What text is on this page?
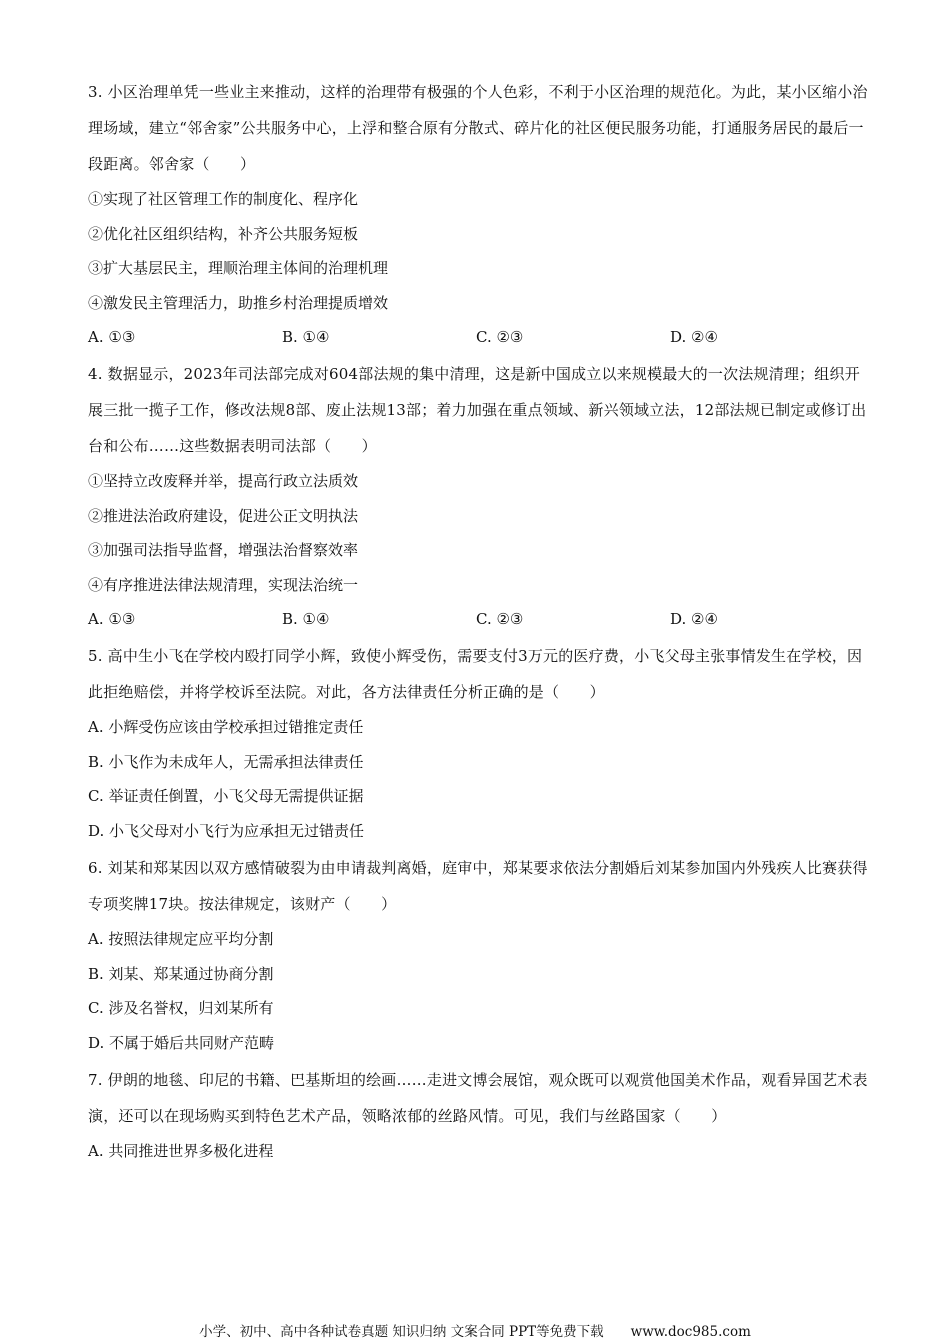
3. 小区治理单凭一些业主来推动，这样的治理带有极强的个人色彩，不利于小区治理的规范化。为此，某小区缩小治理场域，建立“邻舍家”公共服务中心，上浮和整合原有分散式、碎片化的社区便民服务功能，打通服务居民的最后一段距离。邻舍家（　　）

①实现了社区管理工作的制度化、程序化

②优化社区组织结构，补齐公共服务短板

③扩大基层民主，理顺治理主体间的治理机理

④激发民主管理活力，助推乡村治理提质增效

A. ①③	B. ①④	C. ②③	D. ②④

4. 数据显示，2023年司法部完成对604部法规的集中清理，这是新中国成立以来规模最大的一次法规清理；组织开展三批一揽子工作，修改法规8部、废止法规13部；着力加强在重点领域、新兴领域立法，12部法规已制定或修订出台和公布……这些数据表明司法部（　　）

①坚持立改废释并举，提高行政立法质效

②推进法治政府建设，促进公正文明执法

③加强司法指导监督，增强法治督察效率

④有序推进法律法规清理，实现法治统一

A. ①③	B. ①④	C. ②③	D. ②④

5. 高中生小飞在学校内殴打同学小辉，致使小辉受伤，需要支付3万元的医疗费，小飞父母主张事情发生在学校，因此拒绝赔偿，并将学校诉至法院。对此，各方法律责任分析正确的是（　　）

A. 小辉受伤应该由学校承担过错推定责任

B. 小飞作为未成年人，无需承担法律责任

C. 举证责任倒置，小飞父母无需提供证据

D. 小飞父母对小飞行为应承担无过错责任

6. 刘某和郑某因以双方感情破裂为由申请裁判离婚，庭审中，郑某要求依法分割婚后刘某参加国内外残疾人比赛获得专项奖牌17块。按法律规定，该财产（　　）

A. 按照法律规定应平均分割

B. 刘某、郑某通过协商分割

C. 涉及名誉权，归刘某所有

D. 不属于婚后共同财产范畴

7. 伊朗的地毯、印尼的书籍、巴基斯坦的绘画……走进文博会展馆，观众既可以观赏他国美术作品，观看异国艺术表演，还可以在现场购买到特色艺术产品，领略浓郁的丝路风情。可见，我们与丝路国家（　　）

A. 共同推进世界多极化进程

小学、初中、高中各种试卷真题 知识归纳 文案合同 PPT等免费下载　　www.doc985.com
